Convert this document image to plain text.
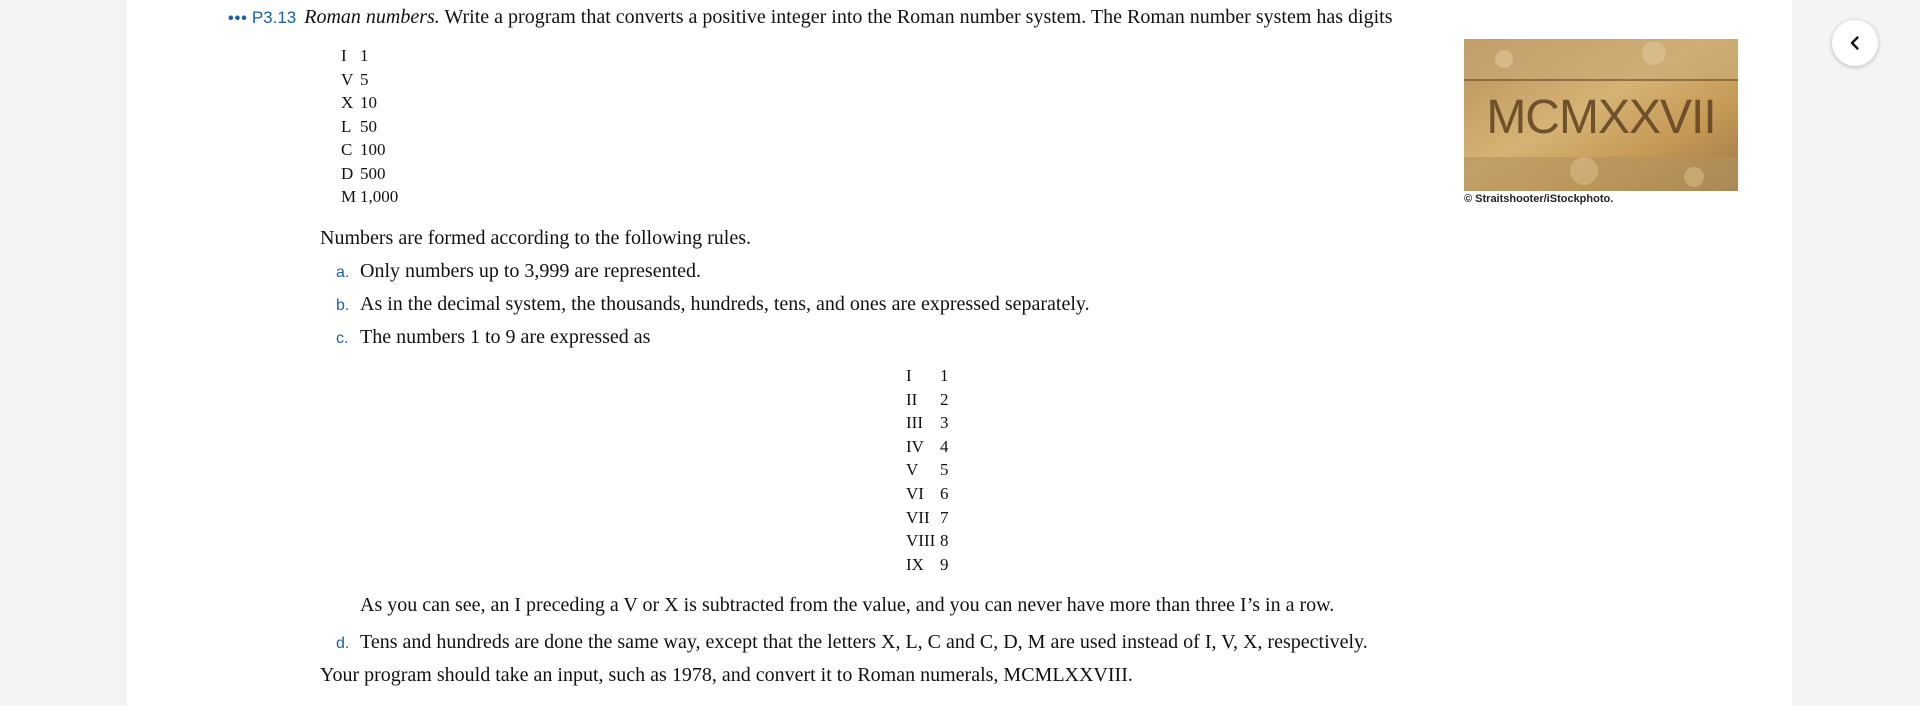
••• P3.13 Roman numbers. Write a program that converts a positive integer into the Roman number system. The Roman number system has digits
I 1
V 5
X 10
L 50
C 100
D 500
M 1,000
MCMXXVII
© Straitshooter/iStockphoto.
Numbers are formed according to the following rules.
a. Only numbers up to 3,999 are represented.
b. As in the decimal system, the thousands, hundreds, tens, and ones are expressed separately.
c. The numbers 1 to 9 are expressed as
I 1
II 2
III 3
IV 4
V 5
VI 6
VII 7
VIII 8
IX 9
As you can see, an I preceding a V or X is subtracted from the value, and you can never have more than three I’s in a row.
d. Tens and hundreds are done the same way, except that the letters X, L, C and C, D, M are used instead of I, V, X, respectively.
Your program should take an input, such as 1978, and convert it to Roman numerals, MCMLXXVIII.
